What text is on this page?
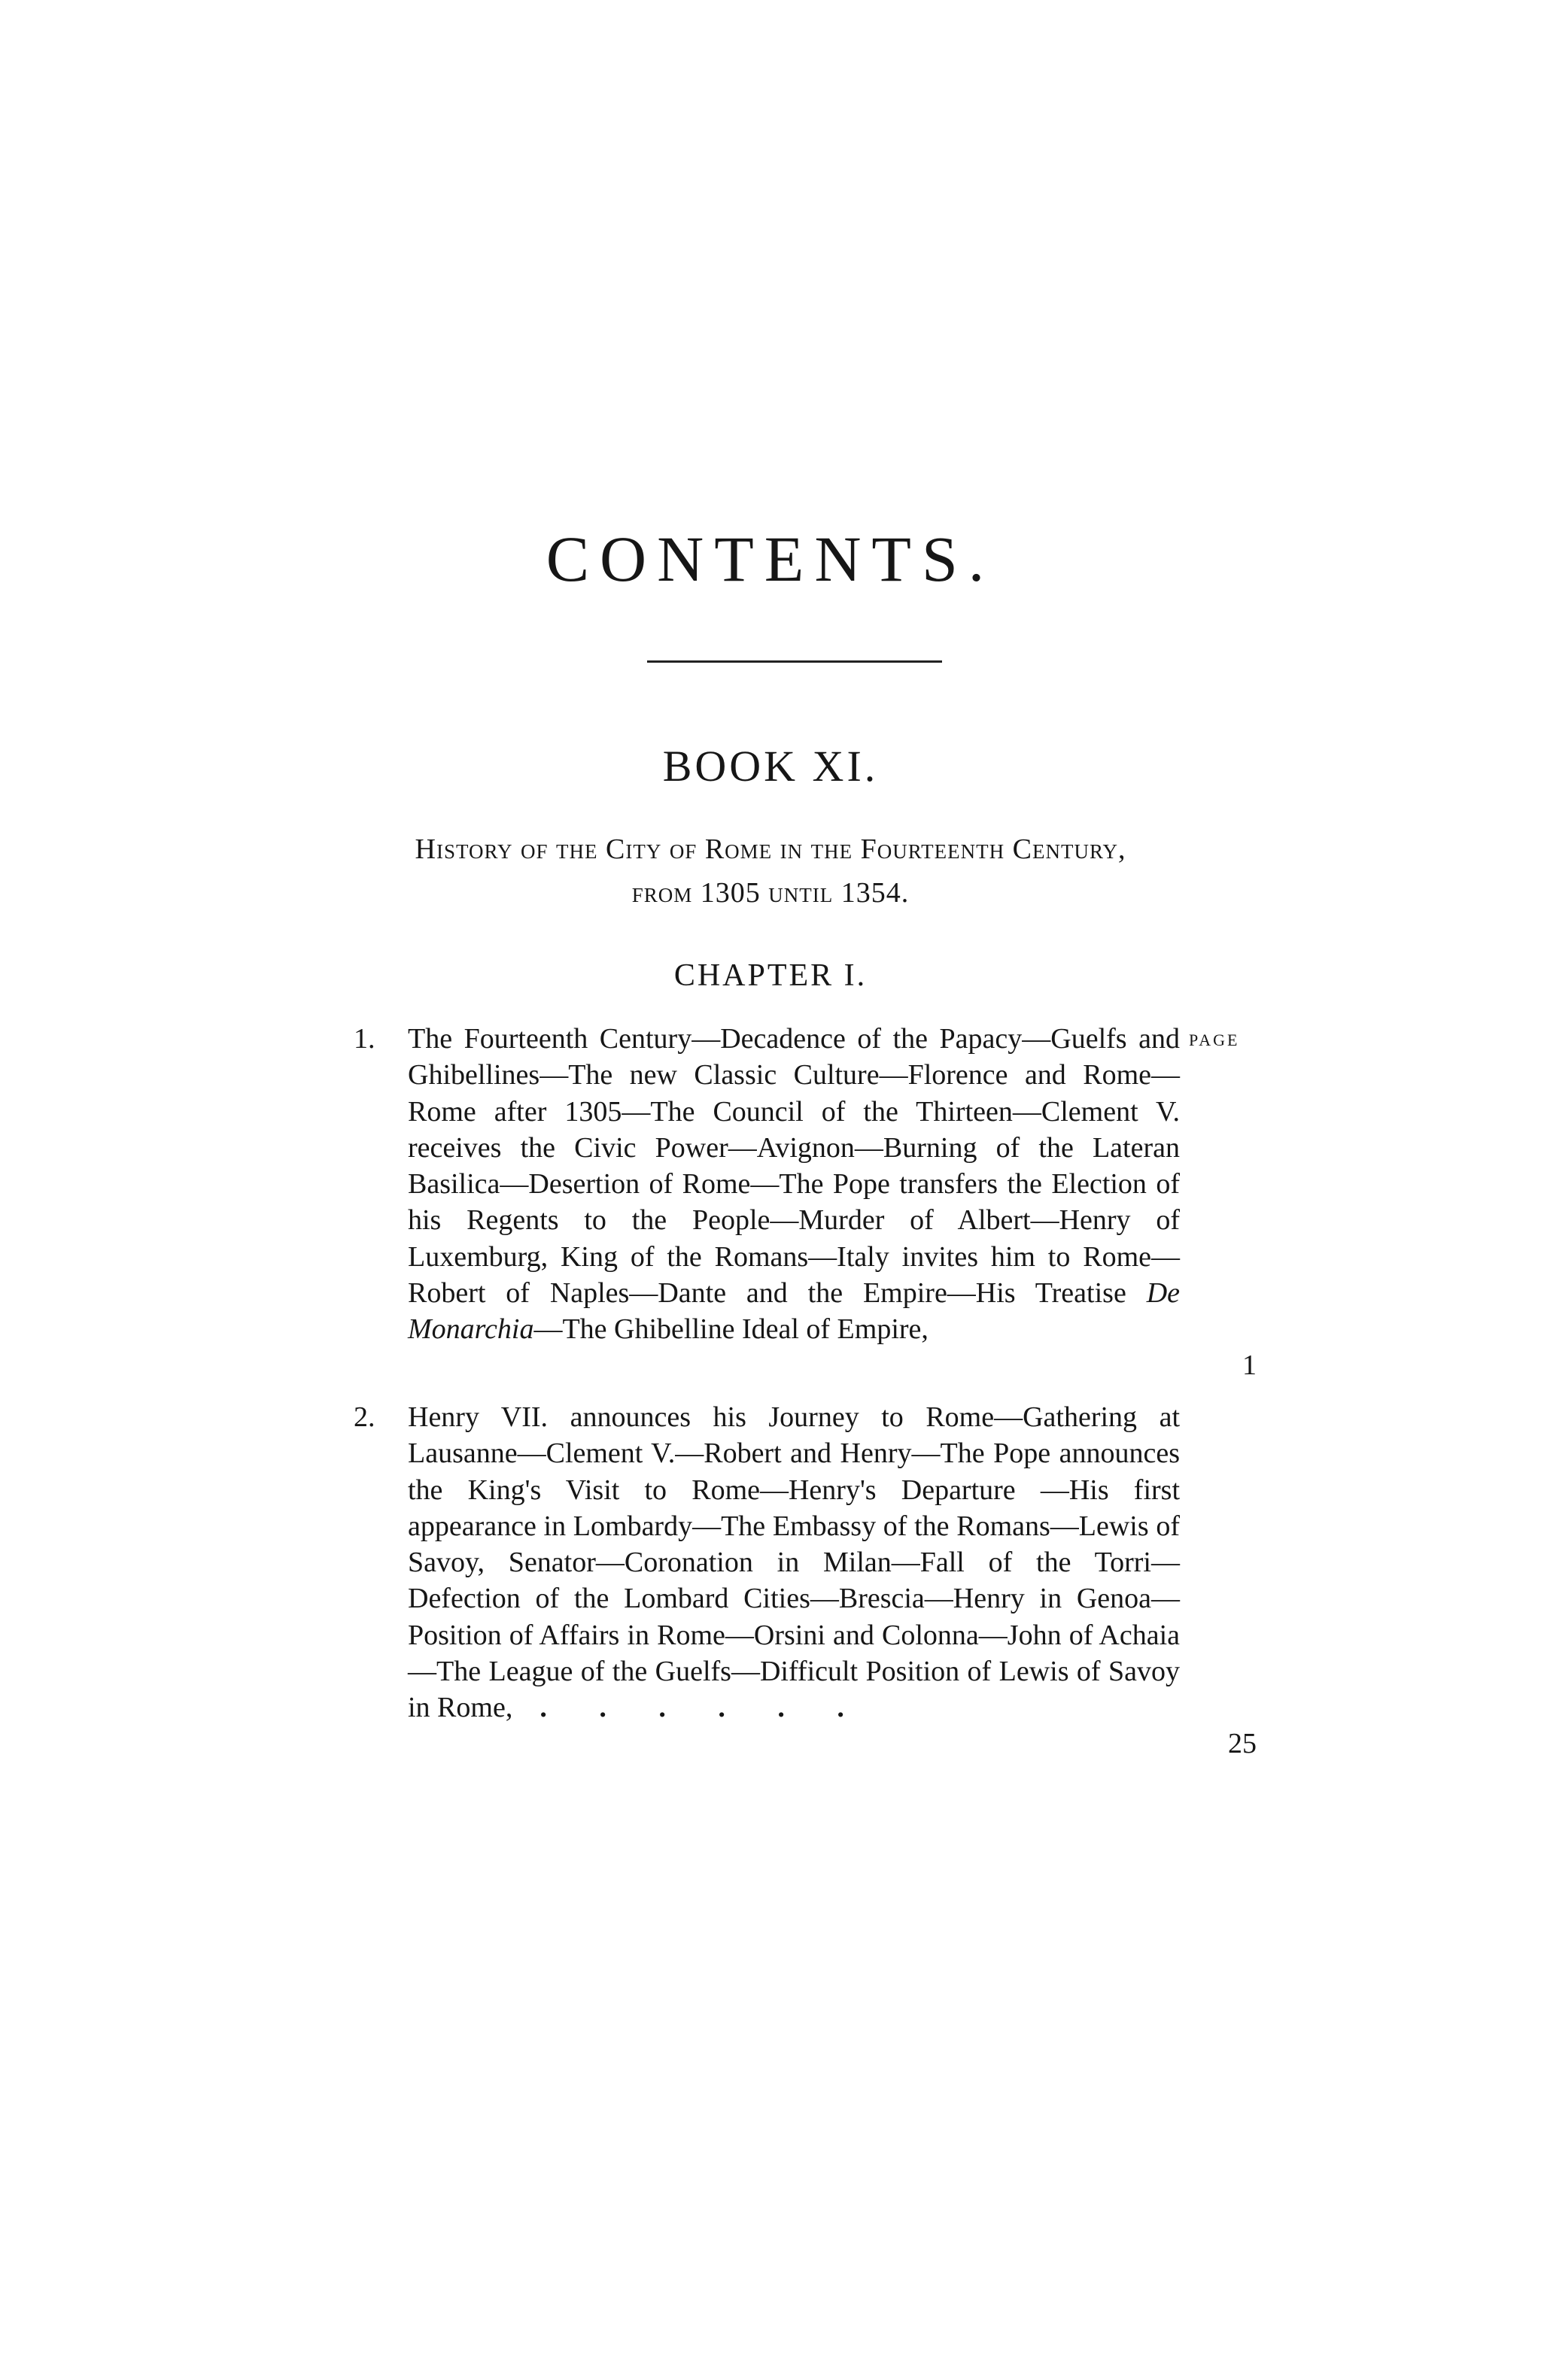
CONTENTS.
BOOK XI.
History of the City of Rome in the Fourteenth Century,
from 1305 until 1354.
CHAPTER I.
PAGE
1. The Fourteenth Century—Decadence of the Papacy—Guelfs and Ghibellines—The new Classic Culture—Florence and Rome—Rome after 1305—The Council of the Thirteen—Clement V. receives the Civic Power—Avignon—Burning of the Lateran Basilica—Desertion of Rome—The Pope transfers the Election of his Regents to the People—Murder of Albert—Henry of Luxemburg, King of the Romans—Italy invites him to Rome—Robert of Naples—Dante and the Empire—His Treatise De Monarchia—The Ghibelline Ideal of Empire,
1
2. Henry VII. announces his Journey to Rome—Gathering at Lausanne—Clement V.—Robert and Henry—The Pope announces the King's Visit to Rome—Henry's Departure —His first appearance in Lombardy—The Embassy of the Romans—Lewis of Savoy, Senator—Coronation in Milan—Fall of the Torri—Defection of the Lombard Cities—Brescia—Henry in Genoa—Position of Affairs in Rome—Orsini and Colonna—John of Achaia—The League of the Guelfs—Difficult Position of Lewis of Savoy in Rome, . . . . . .
25
